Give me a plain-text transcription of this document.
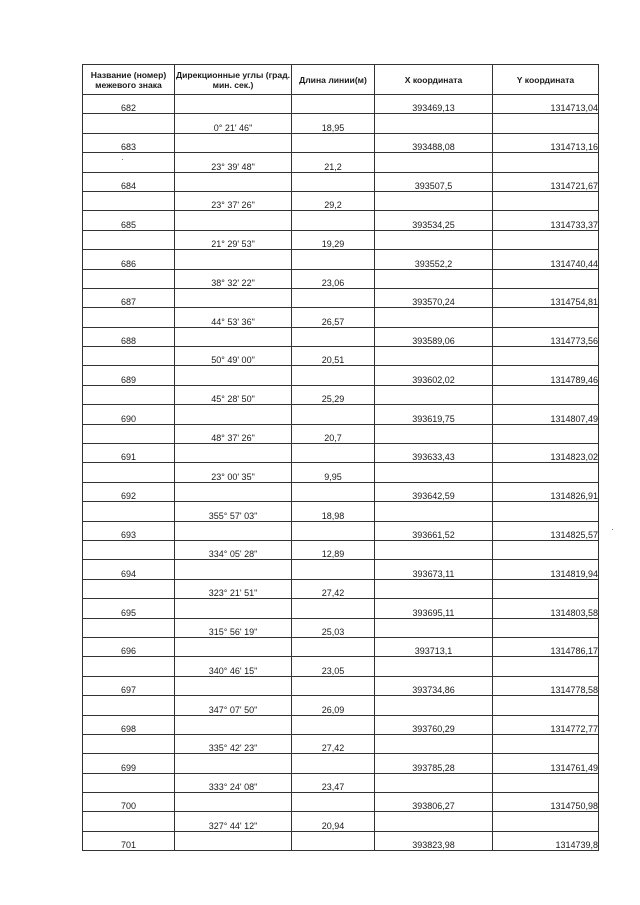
Название (номер) межевого знака	Дирекционные углы (град. мин. сек.)	Длина линии(м)	X координата	Y координата
682			393469,13	1314713,04
	0° 21' 46"	18,95		
683			393488,08	1314713,16
	23° 39' 48"	21,2		
684			393507,5	1314721,67
	23° 37' 26"	29,2		
685			393534,25	1314733,37
	21° 29' 53"	19,29		
686			393552,2	1314740,44
	38° 32' 22"	23,06		
687			393570,24	1314754,81
	44° 53' 36"	26,57		
688			393589,06	1314773,56
	50° 49' 00"	20,51		
689			393602,02	1314789,46
	45° 28' 50"	25,29		
690			393619,75	1314807,49
	48° 37' 26"	20,7		
691			393633,43	1314823,02
	23° 00' 35"	9,95		
692			393642,59	1314826,91
	355° 57' 03"	18,98		
693			393661,52	1314825,57
	334° 05' 28"	12,89		
694			393673,11	1314819,94
	323° 21' 51"	27,42		
695			393695,11	1314803,58
	315° 56' 19"	25,03		
696			393713,1	1314786,17
	340° 46' 15"	23,05		
697			393734,86	1314778,58
	347° 07' 50"	26,09		
698			393760,29	1314772,77
	335° 42' 23"	27,42		
699			393785,28	1314761,49
	333° 24' 08"	23,47		
700			393806,27	1314750,98
	327° 44' 12"	20,94		
701			393823,98	1314739,8
